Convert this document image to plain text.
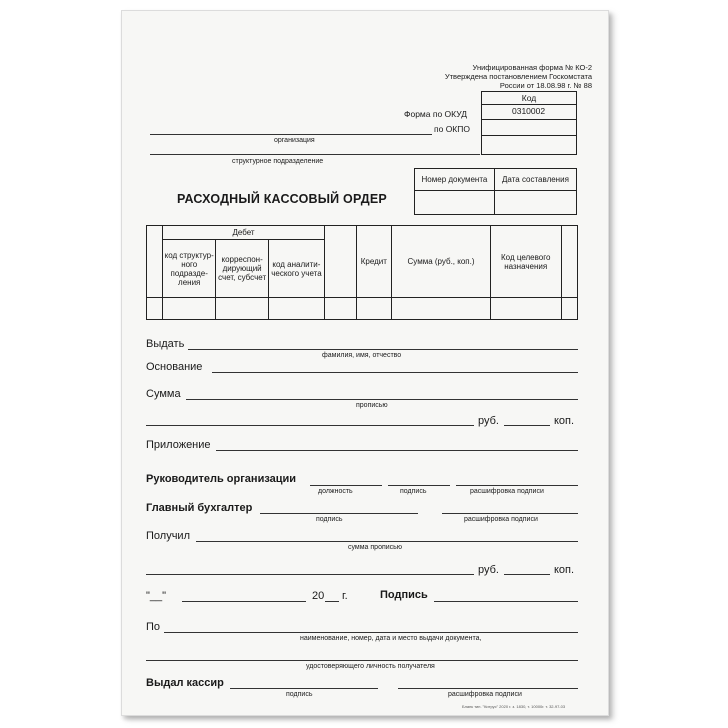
Унифицированная форма № КО-2
Утверждена постановлением Госкомстата
России от 18.08.98 г. № 88
Код
0310002
Форма по ОКУД
по ОКПО
организация
структурное подразделение
Номер документа	Дата составления

РАСХОДНЫЙ КАССОВЫЙ ОРДЕР
	Дебет				Кредит	Сумма (руб., коп.)	Код целевого назначения	
	код структур-ного подразде-ления	корреспон-дирующий счет, субсчет	код аналити-ческого учета					

Выдать
фамилия, имя, отчество
Основание
Сумма
прописью
руб.	коп.
Приложение
Руководитель организации
должность	подпись	расшифровка подписи
Главный бухгалтер
подпись	расшифровка подписи
Получил
сумма прописью
руб.	коп.
"__"	20 г.	Подпись
По
наименование, номер, дата и место выдачи документа,
удостоверяющего личность получателя
Выдал кассир
подпись	расшифровка подписи
Бланк тип. "Китрус" 2020 г. з. 1830, т. 10000г. т. 32-97-03
